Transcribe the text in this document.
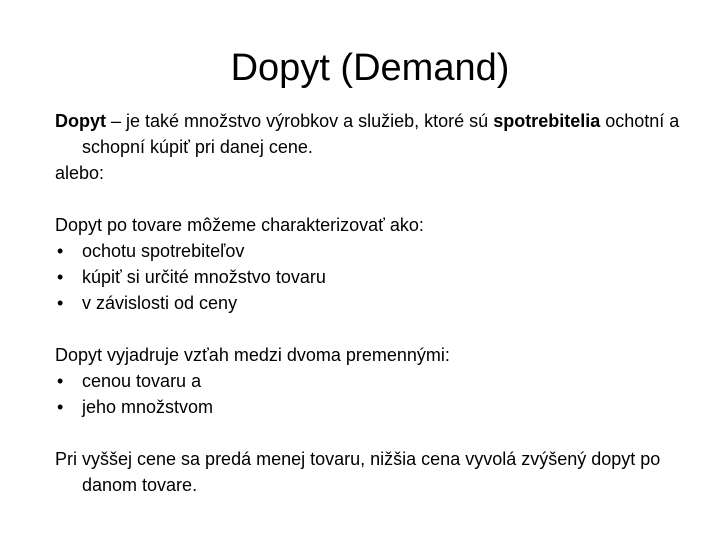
Dopyt (Demand)

Dopyt – je také množstvo výrobkov a služieb, ktoré sú spotrebitelia ochotní a schopní kúpiť pri danej cene.

alebo:

Dopyt po tovare môžeme charakterizovať ako:

• ochotu spotrebiteľov
• kúpiť si určité množstvo tovaru
• v závislosti od ceny

Dopyt vyjadruje vzťah medzi dvoma premennými:

• cenou tovaru a
• jeho množstvom

Pri vyššej cene sa predá menej tovaru, nižšia cena vyvolá zvýšený dopyt po danom tovare.
